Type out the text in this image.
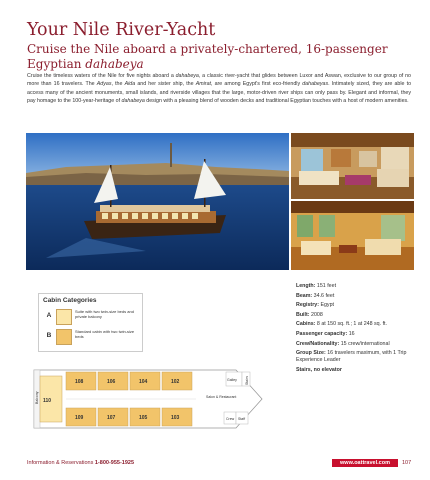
Your Nile River-Yacht
Cruise the Nile aboard a privately-chartered, 16-passenger Egyptian dahabeya
Cruise the timeless waters of the Nile for five nights aboard a dahabeya, a classic river-yacht that glides between Luxor and Aswan, exclusive to our group of no more than 16 travelers. The Adyas, the Aida and her sister ship, the Amirat, are among Egypt's first eco-friendly dahabeyas. Intimately sized, they are able to access many of the ancient monuments, small islands, and riverside villages that the large, motor-driven river ships can only pass by. Elegant and informal, they pay homage to the 100-year-heritage of dahabeya design with a pleasing blend of wooden decks and traditional Egyptian touches with a host of modern amenities.
Cabin Categories
A
Suite with two twin-size beds and private balcony
B
Standard cabin with two twin-size beds
Balcony 110
108	106	104	102
109	107	105	103
Salon & Restaurant
Galley Stairs
Crew Staff
Length: 151 feet
Beam: 34.6 feet
Registry: Egypt
Built: 2008
Cabins: 8 at 150 sq. ft.; 1 at 248 sq. ft.
Passenger capacity: 16
Crew/Nationality: 15 crew/international
Group Size: 16 travelers maximum, with 1 Trip Experience Leader
Stairs, no elevator
Information & Reservations 1-800-955-1925	www.oattravel.com	107
